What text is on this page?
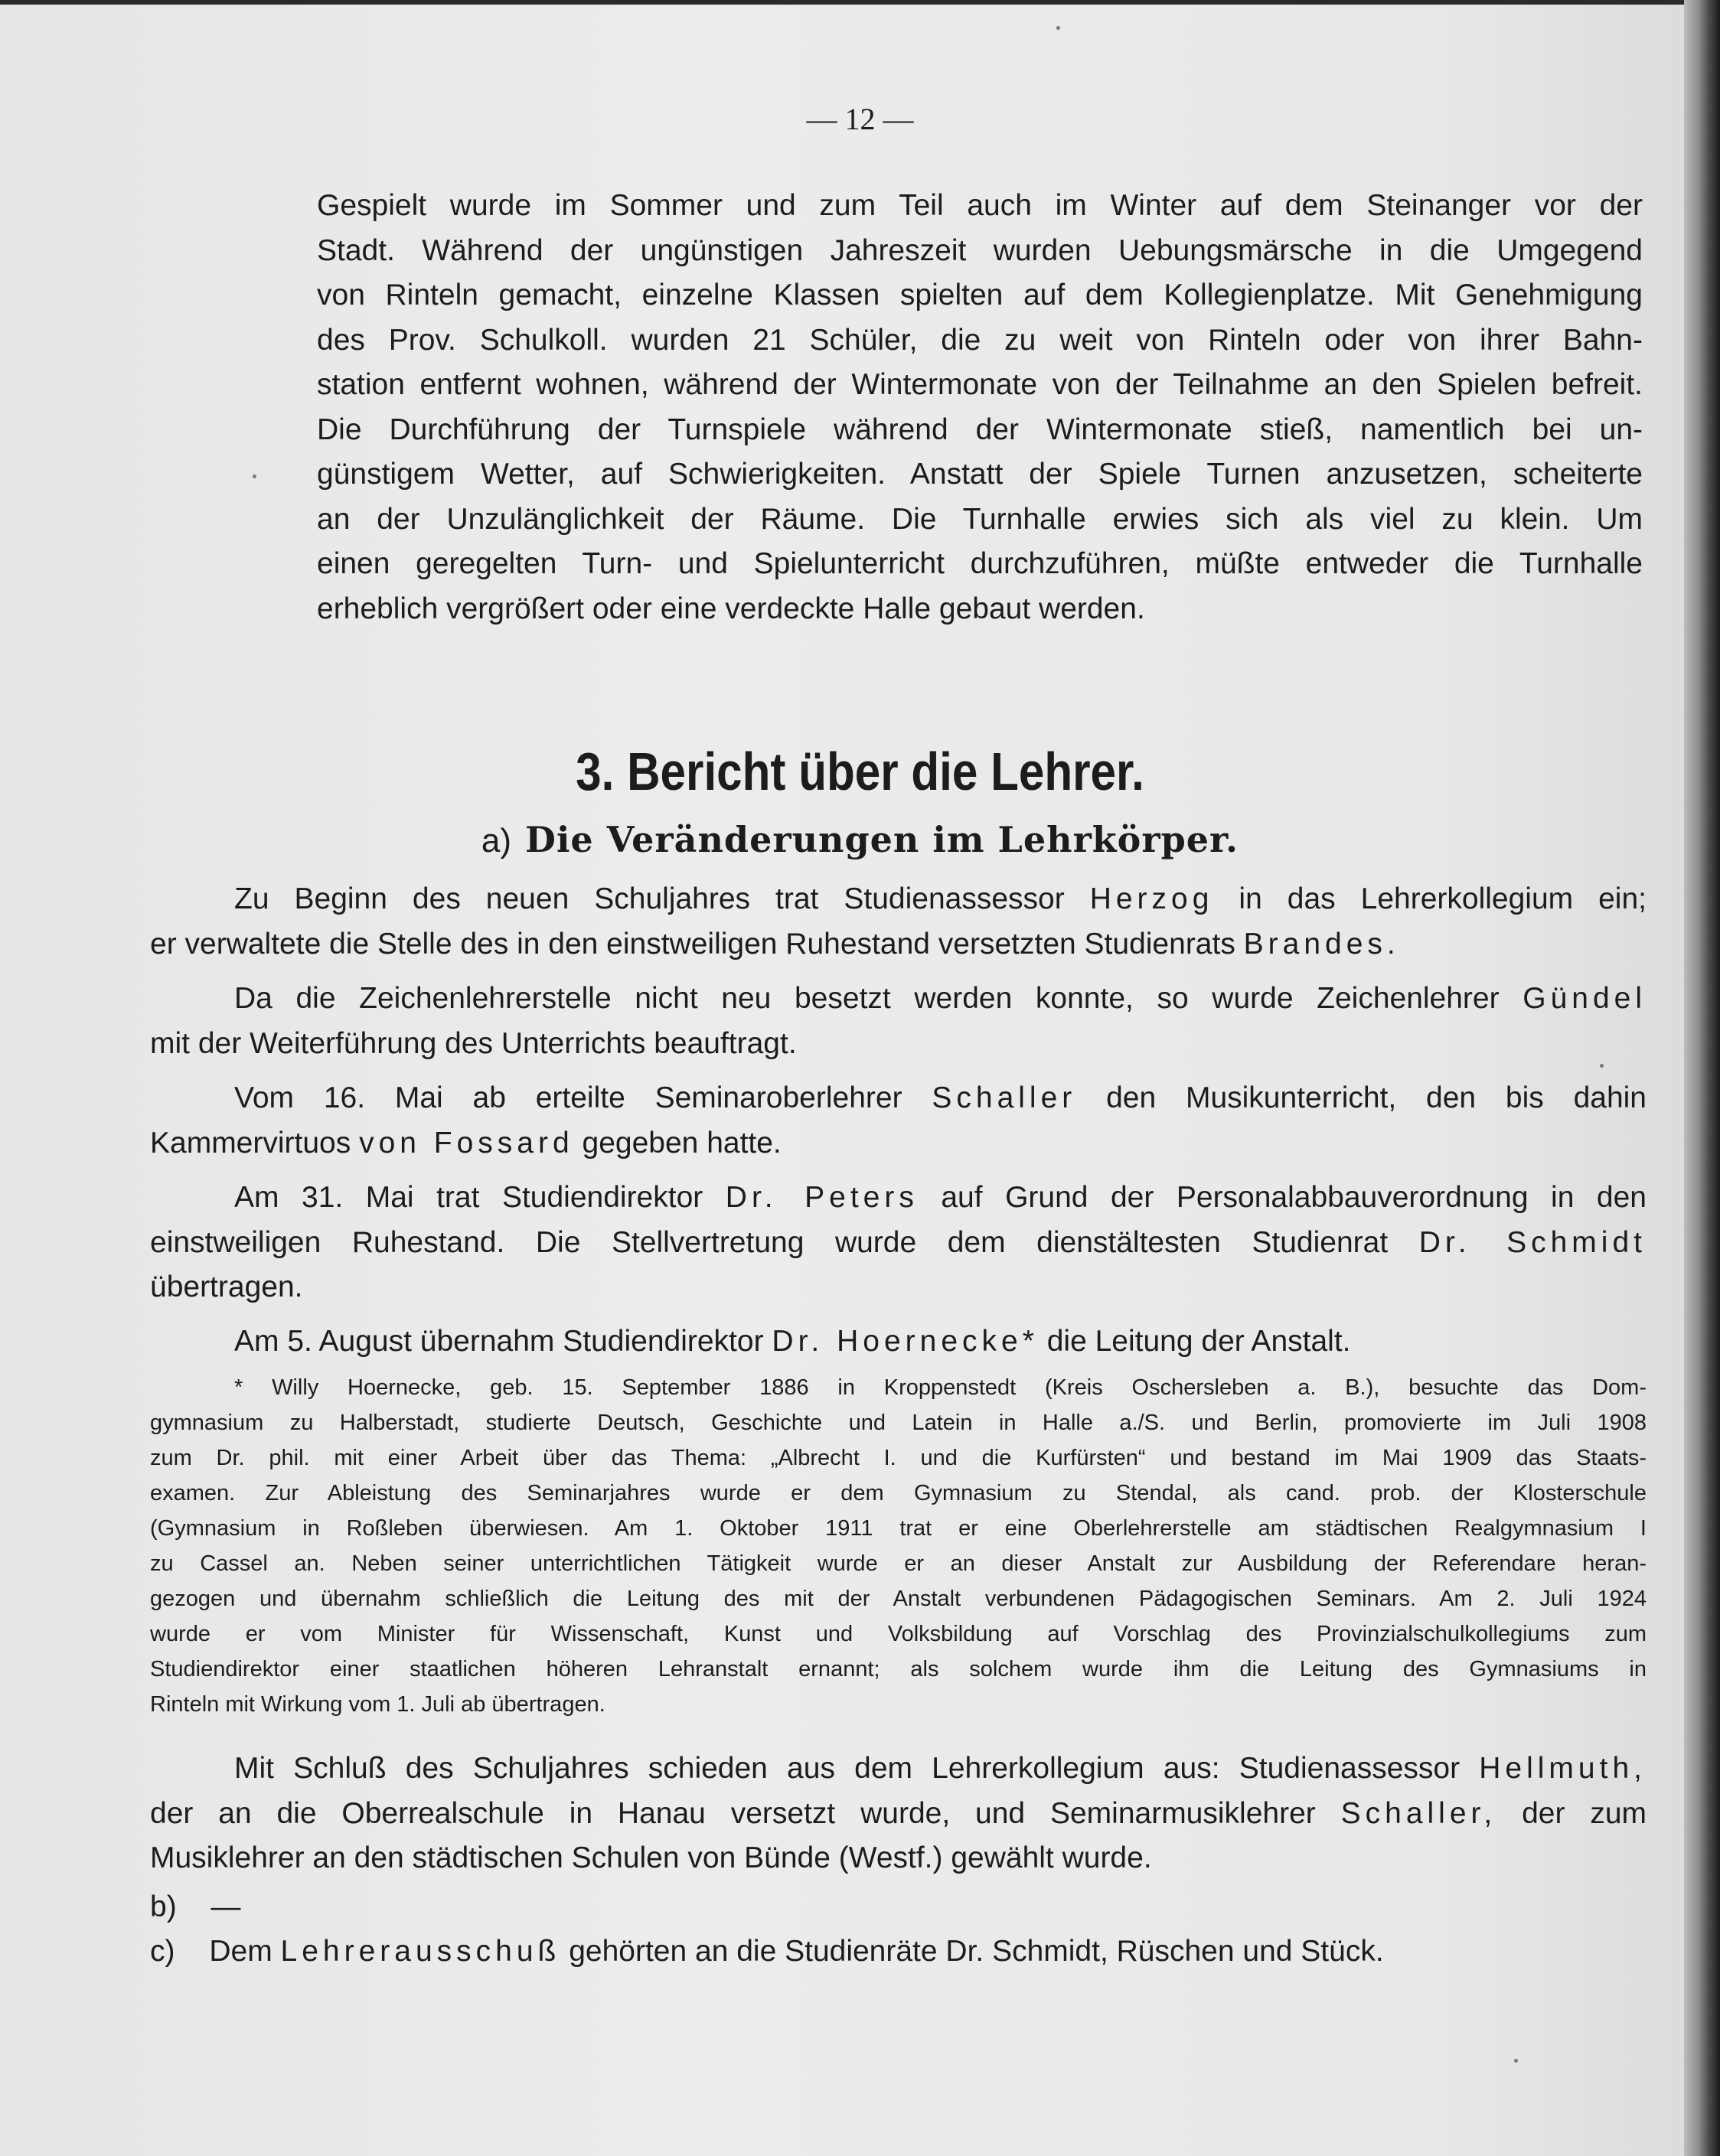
— 12 —
Gespielt wurde im Sommer und zum Teil auch im Winter auf dem Steinanger vor der
Stadt. Während der ungünstigen Jahreszeit wurden Uebungsmärsche in die Umgegend
von Rinteln gemacht, einzelne Klassen spielten auf dem Kollegienplatze. Mit Genehmigung
des Prov. Schulkoll. wurden 21 Schüler, die zu weit von Rinteln oder von ihrer Bahn-
station entfernt wohnen, während der Wintermonate von der Teilnahme an den Spielen befreit.
Die Durchführung der Turnspiele während der Wintermonate stieß, namentlich bei un-
günstigem Wetter, auf Schwierigkeiten. Anstatt der Spiele Turnen anzusetzen, scheiterte
an der Unzulänglichkeit der Räume. Die Turnhalle erwies sich als viel zu klein. Um
einen geregelten Turn- und Spielunterricht durchzuführen, müßte entweder die Turnhalle
erheblich vergrößert oder eine verdeckte Halle gebaut werden.
3. Bericht über die Lehrer.
a) Die Veränderungen im Lehrkörper.
Zu Beginn des neuen Schuljahres trat Studienassessor Herzog in das Lehrerkollegium ein;
er verwaltete die Stelle des in den einstweiligen Ruhestand versetzten Studienrats Brandes.
Da die Zeichenlehrerstelle nicht neu besetzt werden konnte, so wurde Zeichenlehrer Gündel
mit der Weiterführung des Unterrichts beauftragt.
Vom 16. Mai ab erteilte Seminaroberlehrer Schaller den Musikunterricht, den bis dahin
Kammervirtuos von Fossard gegeben hatte.
Am 31. Mai trat Studiendirektor Dr. Peters auf Grund der Personalabbauverordnung in den
einstweiligen Ruhestand. Die Stellvertretung wurde dem dienstältesten Studienrat Dr. Schmidt
übertragen.
Am 5. August übernahm Studiendirektor Dr. Hoernecke* die Leitung der Anstalt.
* Willy Hoernecke, geb. 15. September 1886 in Kroppenstedt (Kreis Oschersleben a. B.), besuchte das Dom-
gymnasium zu Halberstadt, studierte Deutsch, Geschichte und Latein in Halle a./S. und Berlin, promovierte im Juli 1908
zum Dr. phil. mit einer Arbeit über das Thema: „Albrecht I. und die Kurfürsten“ und bestand im Mai 1909 das Staats-
examen. Zur Ableistung des Seminarjahres wurde er dem Gymnasium zu Stendal, als cand. prob. der Klosterschule
(Gymnasium in Roßleben überwiesen. Am 1. Oktober 1911 trat er eine Oberlehrerstelle am städtischen Realgymnasium I
zu Cassel an. Neben seiner unterrichtlichen Tätigkeit wurde er an dieser Anstalt zur Ausbildung der Referendare heran-
gezogen und übernahm schließlich die Leitung des mit der Anstalt verbundenen Pädagogischen Seminars. Am 2. Juli 1924
wurde er vom Minister für Wissenschaft, Kunst und Volksbildung auf Vorschlag des Provinzialschulkollegiums zum
Studiendirektor einer staatlichen höheren Lehranstalt ernannt; als solchem wurde ihm die Leitung des Gymnasiums in
Rinteln mit Wirkung vom 1. Juli ab übertragen.
Mit Schluß des Schuljahres schieden aus dem Lehrerkollegium aus: Studienassessor Hellmuth,
der an die Oberrealschule in Hanau versetzt wurde, und Seminarmusiklehrer Schaller, der zum
Musiklehrer an den städtischen Schulen von Bünde (Westf.) gewählt wurde.
b) —
c) Dem Lehrerausschuß gehörten an die Studienräte Dr. Schmidt, Rüschen und Stück.
